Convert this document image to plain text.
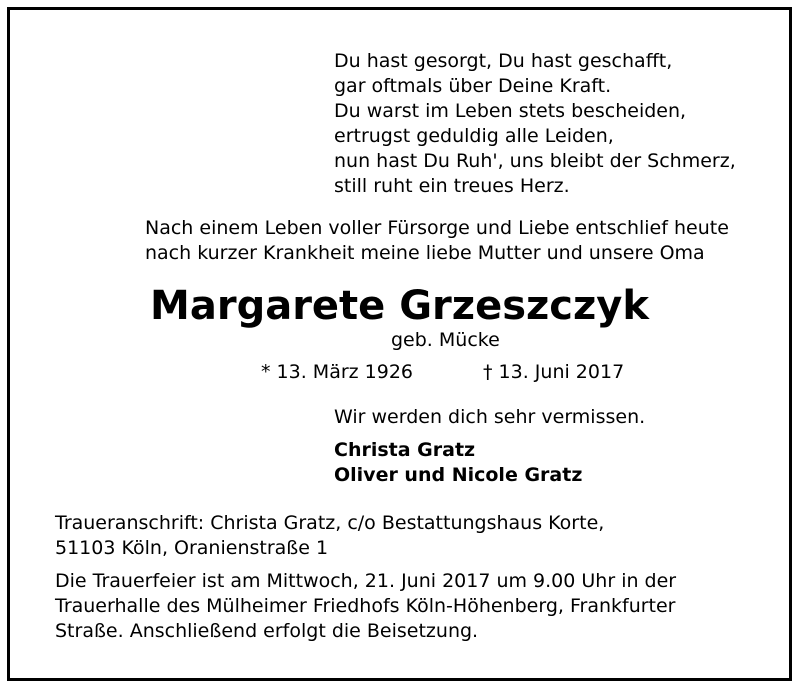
Du hast gesorgt, Du hast geschafft,
gar oftmals über Deine Kraft.
Du warst im Leben stets bescheiden,
ertrugst geduldig alle Leiden,
nun hast Du Ruh', uns bleibt der Schmerz,
still ruht ein treues Herz.
Nach einem Leben voller Fürsorge und Liebe entschlief heute
nach kurzer Krankheit meine liebe Mutter und unsere Oma
Margarete Grzeszczyk
geb. Mücke
* 13. März 1926	† 13. Juni 2017
Wir werden dich sehr vermissen.
Christa Gratz
Oliver und Nicole Gratz
Traueranschrift: Christa Gratz, c/o Bestattungshaus Korte,
51103 Köln, Oranienstraße 1
Die Trauerfeier ist am Mittwoch, 21. Juni 2017 um 9.00 Uhr in der
Trauerhalle des Mülheimer Friedhofs Köln-Höhenberg, Frankfurter
Straße. Anschließend erfolgt die Beisetzung.
